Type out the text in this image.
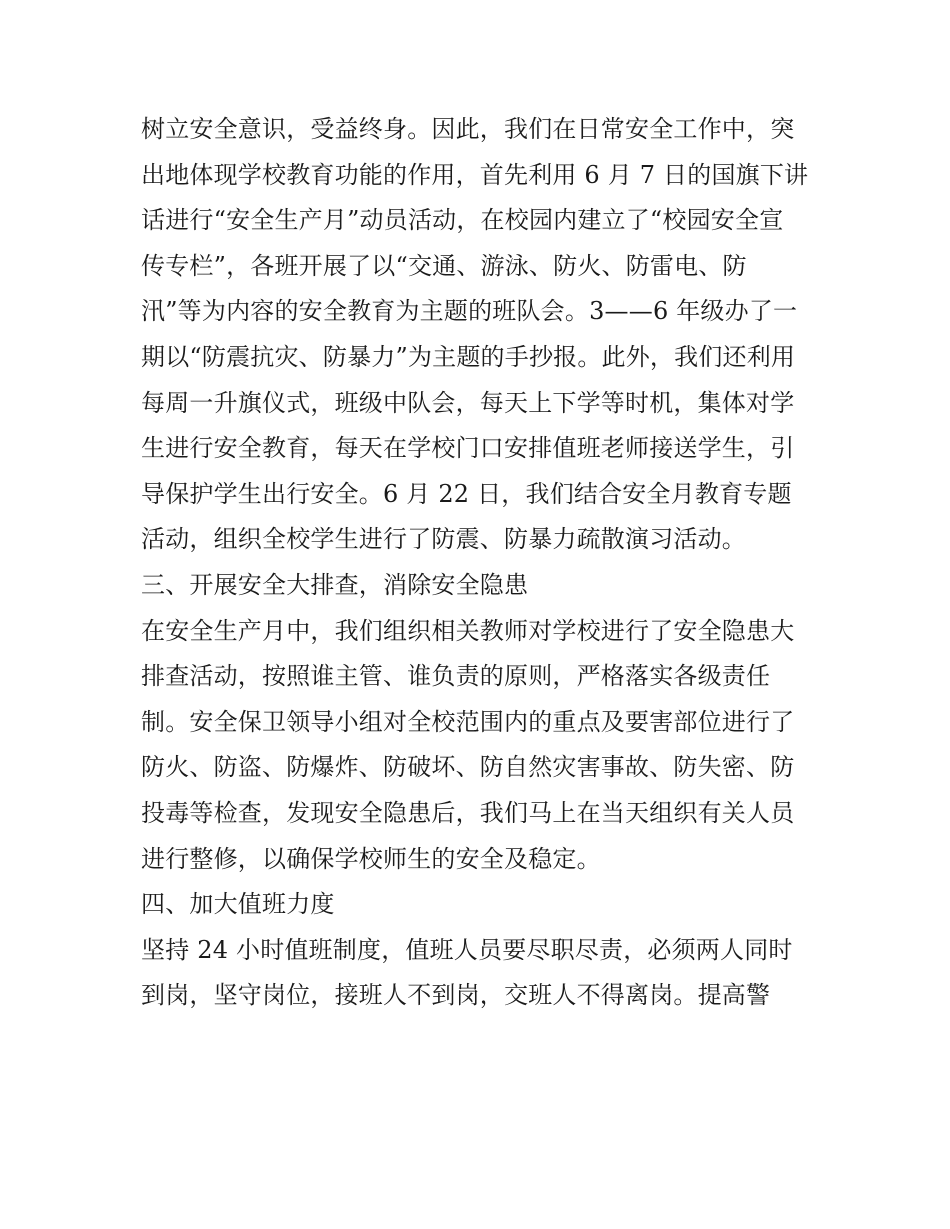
树立安全意识，受益终身。因此，我们在日常安全工作中，突
出地体现学校教育功能的作用，首先利用 6 月 7 日的国旗下讲
话进行“安全生产月”动员活动，在校园内建立了“校园安全宣
传专栏”，各班开展了以“交通、游泳、防火、防雷电、防
汛”等为内容的安全教育为主题的班队会。3——6 年级办了一
期以“防震抗灾、防暴力”为主题的手抄报。此外，我们还利用
每周一升旗仪式，班级中队会，每天上下学等时机，集体对学
生进行安全教育，每天在学校门口安排值班老师接送学生，引
导保护学生出行安全。6 月 22 日，我们结合安全月教育专题
活动，组织全校学生进行了防震、防暴力疏散演习活动。
三、开展安全大排查，消除安全隐患
在安全生产月中，我们组织相关教师对学校进行了安全隐患大
排查活动，按照谁主管、谁负责的原则，严格落实各级责任
制。安全保卫领导小组对全校范围内的重点及要害部位进行了
防火、防盗、防爆炸、防破坏、防自然灾害事故、防失密、防
投毒等检查，发现安全隐患后，我们马上在当天组织有关人员
进行整修，以确保学校师生的安全及稳定。
四、加大值班力度
坚持 24 小时值班制度，值班人员要尽职尽责，必须两人同时
到岗，坚守岗位，接班人不到岗，交班人不得离岗。提高警
